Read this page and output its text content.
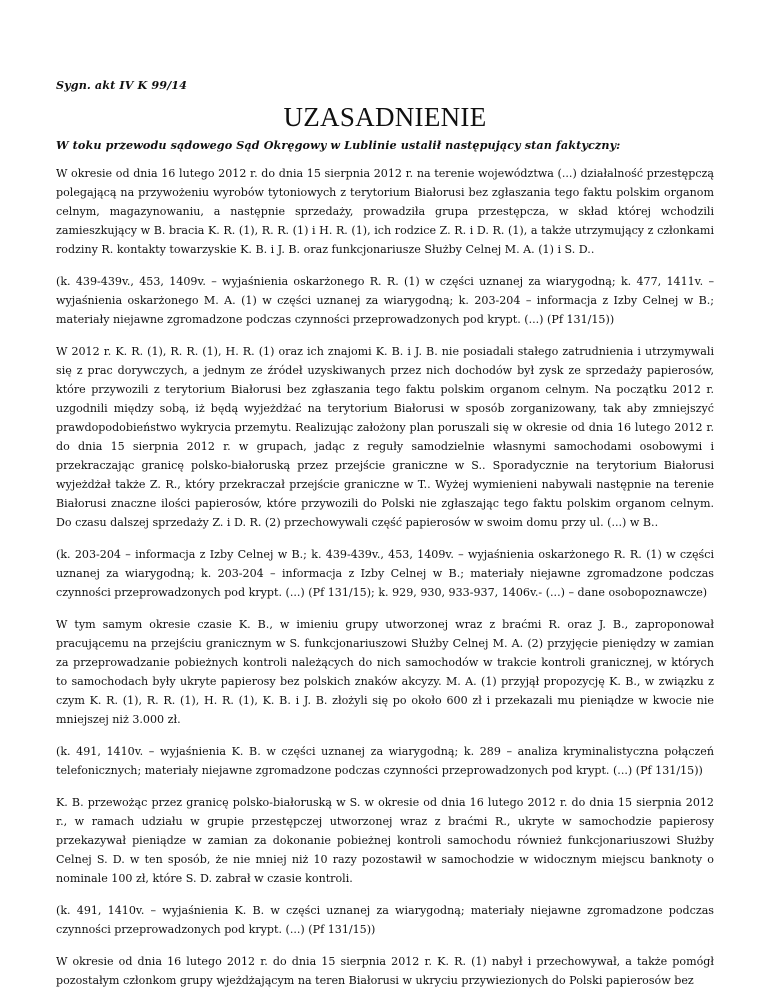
Sygn. akt IV K 99/14

UZASADNIENIE

W toku przewodu sądowego Sąd Okręgowy w Lublinie ustalił następujący stan faktyczny:

W okresie od dnia 16 lutego 2012 r. do dnia 15 sierpnia 2012 r. na terenie województwa (...) działalność przestępczą polegającą na przywożeniu wyrobów tytoniowych z terytorium Białorusi bez zgłaszania tego faktu polskim organom celnym, magazynowaniu, a następnie sprzedaży, prowadziła grupa przestępcza, w skład której wchodzili zamieszkujący w B. bracia K. R. (1), R. R. (1) i H. R. (1), ich rodzice Z. R. i D. R. (1), a także utrzymujący z członkami rodziny R. kontakty towarzyskie K. B. i J. B. oraz funkcjonariusze Służby Celnej M. A. (1) i S. D..

(k. 439-439v., 453, 1409v. – wyjaśnienia oskarżonego R. R. (1) w części uznanej za wiarygodną; k. 477, 1411v. – wyjaśnienia oskarżonego M. A. (1) w części uznanej za wiarygodną; k. 203-204 – informacja z Izby Celnej w B.; materiały niejawne zgromadzone podczas czynności przeprowadzonych pod krypt. (...) (Pf 131/15))

W 2012 r. K. R. (1), R. R. (1), H. R. (1) oraz ich znajomi K. B. i J. B. nie posiadali stałego zatrudnienia i utrzymywali się z prac dorywczych, a jednym ze źródeł uzyskiwanych przez nich dochodów był zysk ze sprzedaży papierosów, które przywozili z terytorium Białorusi bez zgłaszania tego faktu polskim organom celnym. Na początku 2012 r. uzgodnili między sobą, iż będą wyjeżdżać na terytorium Białorusi w sposób zorganizowany, tak aby zmniejszyć prawdopodobieństwo wykrycia przemytu. Realizując założony plan poruszali się w okresie od dnia 16 lutego 2012 r. do dnia 15 sierpnia 2012 r. w grupach, jadąc z reguły samodzielnie własnymi samochodami osobowymi i przekraczając granicę polsko-białoruską przez przejście graniczne w S.. Sporadycznie na terytorium Białorusi wyjeżdżał także Z. R., który przekraczał przejście graniczne w T.. Wyżej wymienieni nabywali następnie na terenie Białorusi znaczne ilości papierosów, które przywozili do Polski nie zgłaszając tego faktu polskim organom celnym. Do czasu dalszej sprzedaży Z. i D. R. (2) przechowywali część papierosów w swoim domu przy ul. (...) w B..

(k. 203-204 – informacja z Izby Celnej w B.; k. 439-439v., 453, 1409v. – wyjaśnienia oskarżonego R. R. (1) w części uznanej za wiarygodną; k. 203-204 – informacja z Izby Celnej w B.; materiały niejawne zgromadzone podczas czynności przeprowadzonych pod krypt. (...) (Pf 131/15); k. 929, 930, 933-937, 1406v.- (...) – dane osobopoznawcze)

W tym samym okresie czasie K. B., w imieniu grupy utworzonej wraz z braćmi R. oraz J. B., zaproponował pracującemu na przejściu granicznym w S. funkcjonariuszowi Służby Celnej M. A. (2) przyjęcie pieniędzy w zamian za przeprowadzanie pobieżnych kontroli należących do nich samochodów w trakcie kontroli granicznej, w których to samochodach były ukryte papierosy bez polskich znaków akcyzy. M. A. (1) przyjął propozycję K. B., w związku z czym K. R. (1), R. R. (1), H. R. (1), K. B. i J. B. złożyli się po około 600 zł i przekazali mu pieniądze w kwocie nie mniejszej niż 3.000 zł.

(k. 491, 1410v. – wyjaśnienia K. B. w części uznanej za wiarygodną; k. 289 – analiza kryminalistyczna połączeń telefonicznych; materiały niejawne zgromadzone podczas czynności przeprowadzonych pod krypt. (...) (Pf 131/15))

K. B. przewożąc przez granicę polsko-białoruską w S. w okresie od dnia 16 lutego 2012 r. do dnia 15 sierpnia 2012 r., w ramach udziału w grupie przestępczej utworzonej wraz z braćmi R., ukryte w samochodzie papierosy przekazywał pieniądze w zamian za dokonanie pobieżnej kontroli samochodu również funkcjonariuszowi Służby Celnej S. D. w ten sposób, że nie mniej niż 10 razy pozostawił w samochodzie w widocznym miejscu banknoty o nominale 100 zł, które S. D. zabrał w czasie kontroli.

(k. 491, 1410v. – wyjaśnienia K. B. w części uznanej za wiarygodną; materiały niejawne zgromadzone podczas czynności przeprowadzonych pod krypt. (...) (Pf 131/15))

W okresie od dnia 16 lutego 2012 r. do dnia 15 sierpnia 2012 r. K. R. (1) nabył i przechowywał, a także pomógł pozostałym członkom grupy wjeżdżającym na teren Białorusi w ukryciu przywiezionych do Polski papierosów bez
